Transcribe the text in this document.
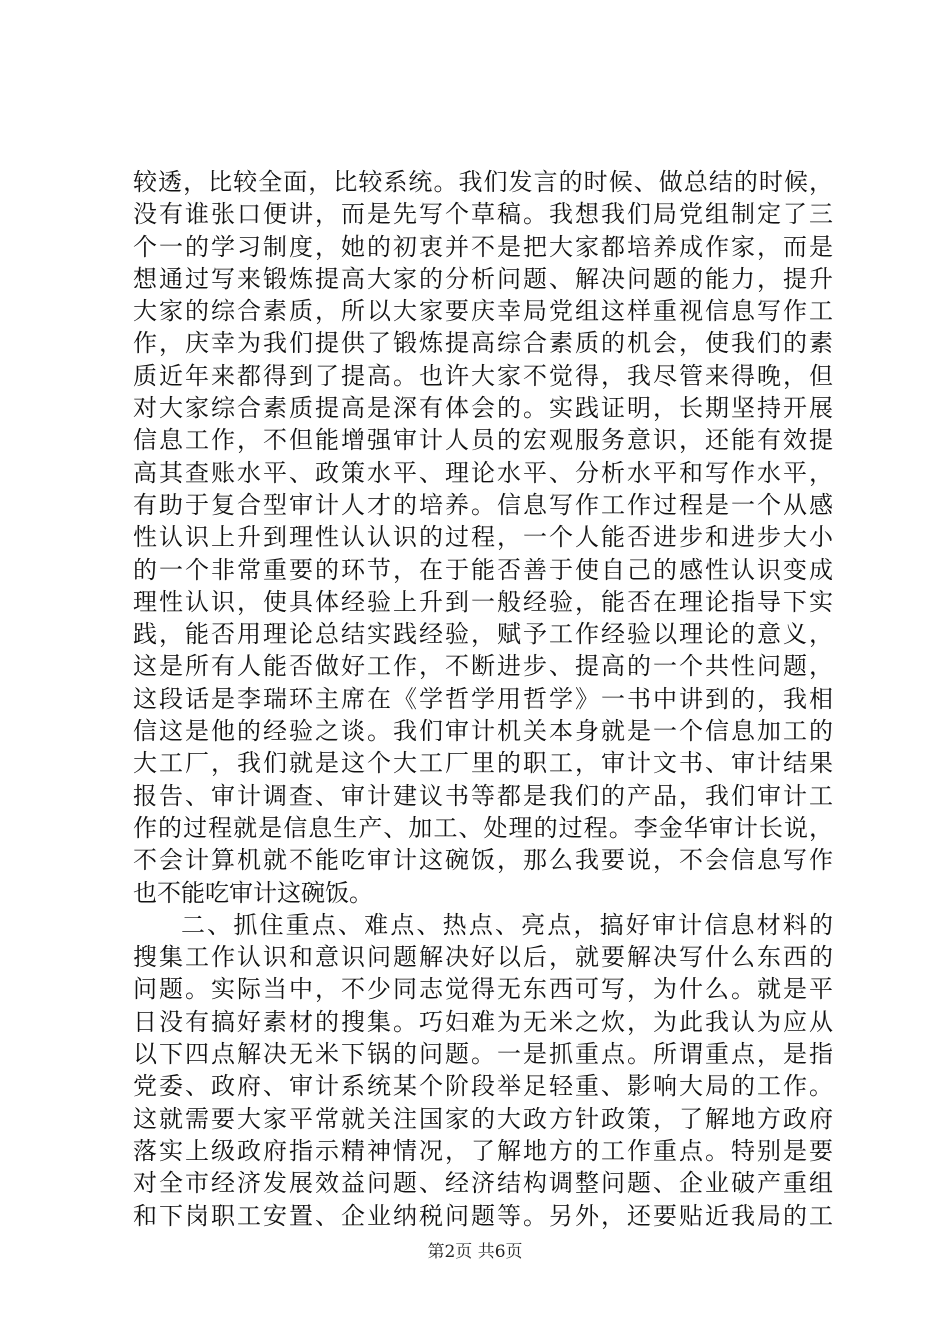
较透，比较全面，比较系统。我们发言的时候、做总结的时候，
没有谁张口便讲，而是先写个草稿。我想我们局党组制定了三
个一的学习制度，她的初衷并不是把大家都培养成作家，而是
想通过写来锻炼提高大家的分析问题、解决问题的能力，提升
大家的综合素质，所以大家要庆幸局党组这样重视信息写作工
作，庆幸为我们提供了锻炼提高综合素质的机会，使我们的素
质近年来都得到了提高。也许大家不觉得，我尽管来得晚，但
对大家综合素质提高是深有体会的。实践证明，长期坚持开展
信息工作，不但能增强审计人员的宏观服务意识，还能有效提
高其查账水平、政策水平、理论水平、分析水平和写作水平，
有助于复合型审计人才的培养。信息写作工作过程是一个从感
性认识上升到理性认认识的过程，一个人能否进步和进步大小
的一个非常重要的环节，在于能否善于使自己的感性认识变成
理性认识，使具体经验上升到一般经验，能否在理论指导下实
践，能否用理论总结实践经验，赋予工作经验以理论的意义，
这是所有人能否做好工作，不断进步、提高的一个共性问题，
这段话是李瑞环主席在《学哲学用哲学》一书中讲到的，我相
信这是他的经验之谈。我们审计机关本身就是一个信息加工的
大工厂，我们就是这个大工厂里的职工，审计文书、审计结果
报告、审计调查、审计建议书等都是我们的产品，我们审计工
作的过程就是信息生产、加工、处理的过程。李金华审计长说，
不会计算机就不能吃审计这碗饭，那么我要说，不会信息写作
也不能吃审计这碗饭。
二、抓住重点、难点、热点、亮点，搞好审计信息材料的
搜集工作认识和意识问题解决好以后，就要解决写什么东西的
问题。实际当中，不少同志觉得无东西可写，为什么。就是平
日没有搞好素材的搜集。巧妇难为无米之炊，为此我认为应从
以下四点解决无米下锅的问题。一是抓重点。所谓重点，是指
党委、政府、审计系统某个阶段举足轻重、影响大局的工作。
这就需要大家平常就关注国家的大政方针政策，了解地方政府
落实上级政府指示精神情况，了解地方的工作重点。特别是要
对全市经济发展效益问题、经济结构调整问题、企业破产重组
和下岗职工安置、企业纳税问题等。另外，还要贴近我局的工
第2页 共6页
